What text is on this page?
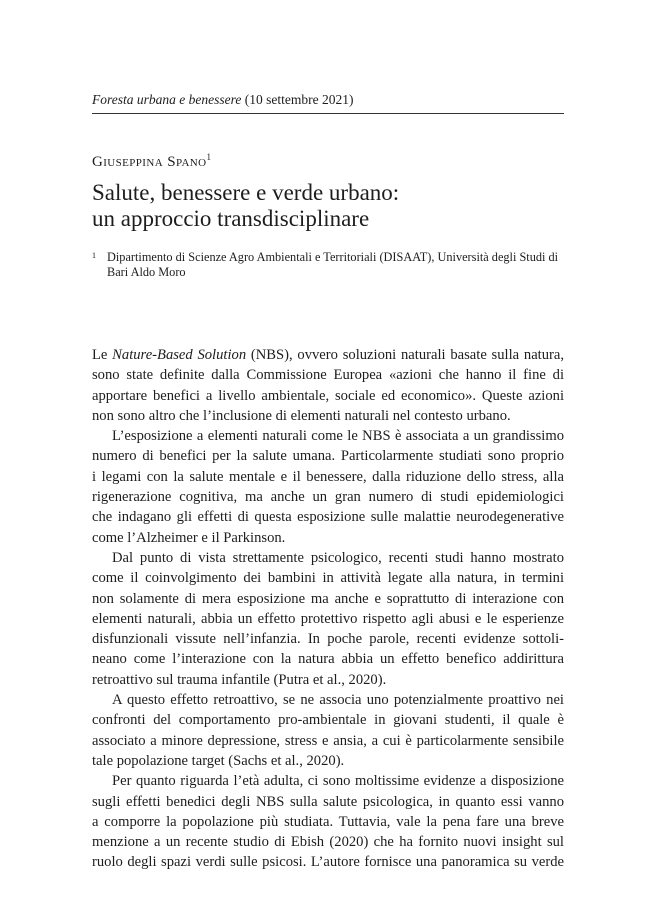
Foresta urbana e benessere (10 settembre 2021)
Giuseppina Spano$^1$
Salute, benessere e verde urbano:
un approccio transdisciplinare
1 Dipartimento di Scienze Agro Ambientali e Territoriali (DISAAT), Università degli Studi di
Bari Aldo Moro
Le Nature-Based Solution (NBS), ovvero soluzioni naturali basate sulla natura,
sono state definite dalla Commissione Europea «azioni che hanno il fine di
apportare benefici a livello ambientale, sociale ed economico». Queste azioni
non sono altro che l’inclusione di elementi naturali nel contesto urbano.
L’esposizione a elementi naturali come le NBS è associata a un grandissimo
numero di benefici per la salute umana. Particolarmente studiati sono proprio
i legami con la salute mentale e il benessere, dalla riduzione dello stress, alla
rigenerazione cognitiva, ma anche un gran numero di studi epidemiologici
che indagano gli effetti di questa esposizione sulle malattie neurodegenerative
come l’Alzheimer e il Parkinson.
Dal punto di vista strettamente psicologico, recenti studi hanno mostrato
come il coinvolgimento dei bambini in attività legate alla natura, in termini
non solamente di mera esposizione ma anche e soprattutto di interazione con
elementi naturali, abbia un effetto protettivo rispetto agli abusi e le esperienze
disfunzionali vissute nell’infanzia. In poche parole, recenti evidenze sottoli-
neano come l’interazione con la natura abbia un effetto benefico addirittura
retroattivo sul trauma infantile (Putra et al., 2020).
A questo effetto retroattivo, se ne associa uno potenzialmente proattivo nei
confronti del comportamento pro-ambientale in giovani studenti, il quale è
associato a minore depressione, stress e ansia, a cui è particolarmente sensibile
tale popolazione target (Sachs et al., 2020).
Per quanto riguarda l’età adulta, ci sono moltissime evidenze a disposizione
sugli effetti benedici degli NBS sulla salute psicologica, in quanto essi vanno
a comporre la popolazione più studiata. Tuttavia, vale la pena fare una breve
menzione a un recente studio di Ebish (2020) che ha fornito nuovi insight sul
ruolo degli spazi verdi sulle psicosi. L’autore fornisce una panoramica su verde
